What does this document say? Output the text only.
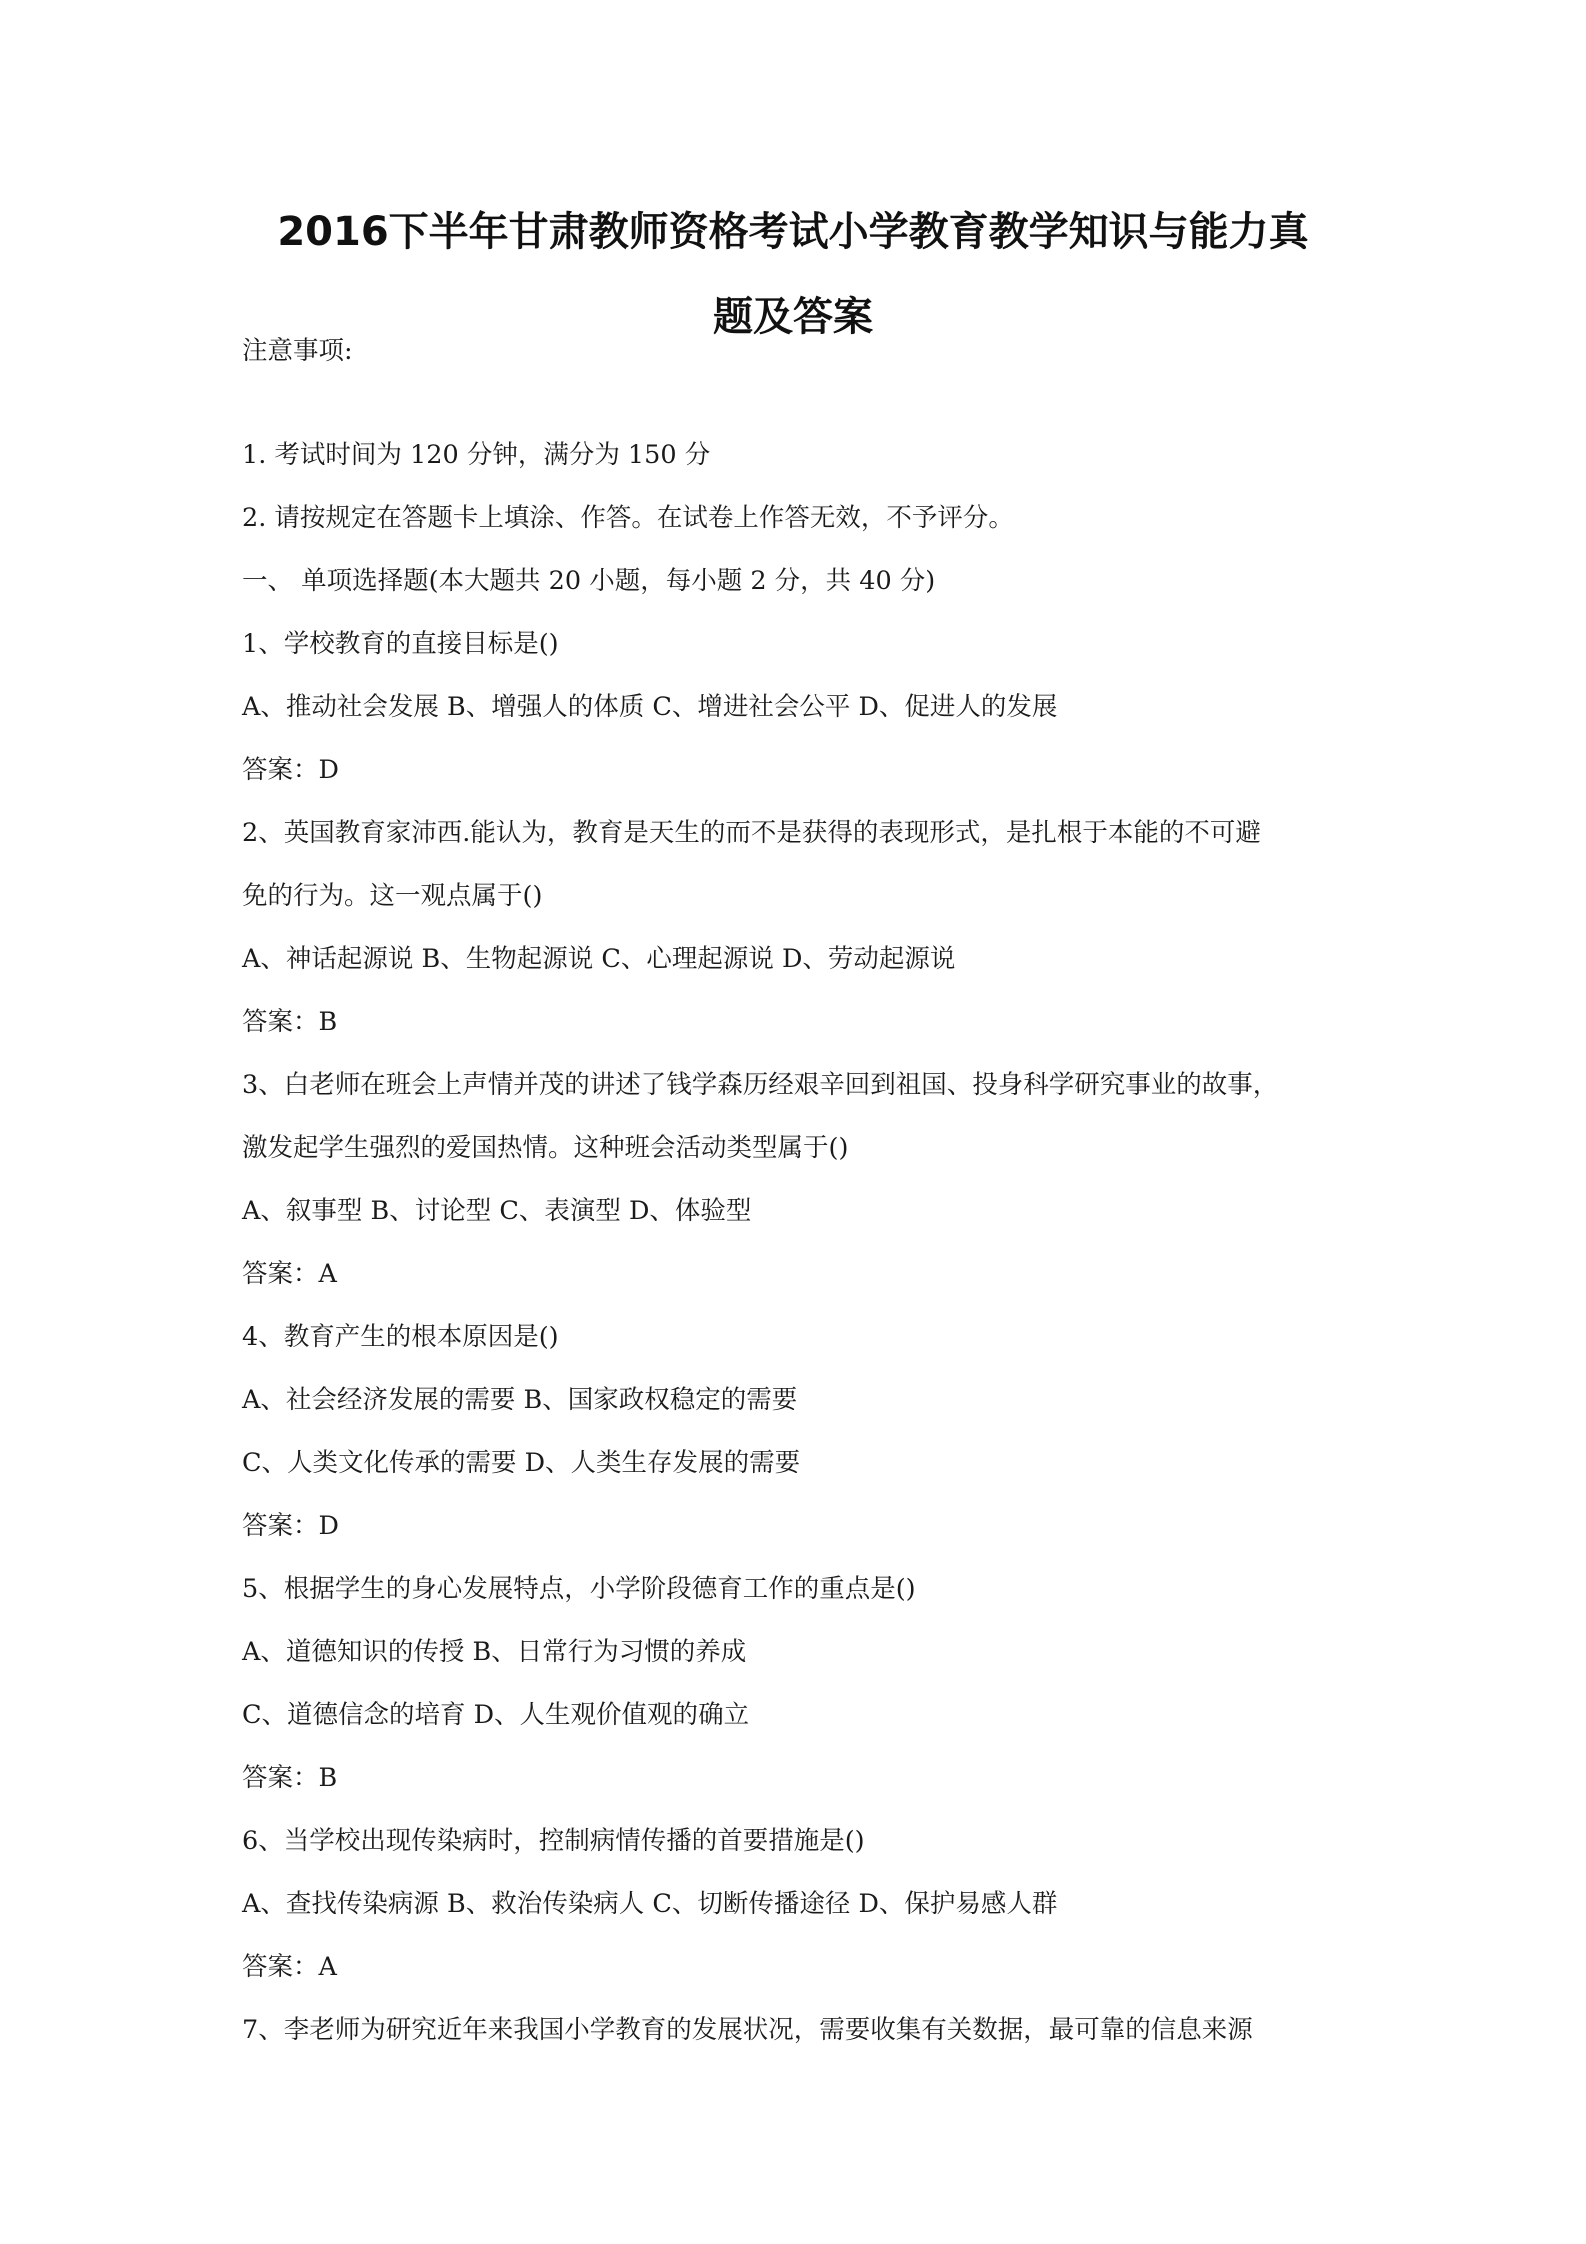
2016下半年甘肃教师资格考试小学教育教学知识与能力真
题及答案
注意事项:
1. 考试时间为 120 分钟，满分为 150 分
2. 请按规定在答题卡上填涂、作答。在试卷上作答无效，不予评分。
一、 单项选择题(本大题共 20 小题，每小题 2 分，共 40 分)
1、学校教育的直接目标是()
A、推动社会发展 B、增强人的体质 C、增进社会公平 D、促进人的发展
答案：D
2、英国教育家沛西.能认为，教育是天生的而不是获得的表现形式，是扎根于本能的不可避
免的行为。这一观点属于()
A、神话起源说 B、生物起源说 C、心理起源说 D、劳动起源说
答案：B
3、白老师在班会上声情并茂的讲述了钱学森历经艰辛回到祖国、投身科学研究事业的故事，
激发起学生强烈的爱国热情。这种班会活动类型属于()
A、叙事型 B、讨论型 C、表演型 D、体验型
答案：A
4、教育产生的根本原因是()
A、社会经济发展的需要 B、国家政权稳定的需要
C、人类文化传承的需要 D、人类生存发展的需要
答案：D
5、根据学生的身心发展特点，小学阶段德育工作的重点是()
A、道德知识的传授 B、日常行为习惯的养成
C、道德信念的培育 D、人生观价值观的确立
答案：B
6、当学校出现传染病时，控制病情传播的首要措施是()
A、查找传染病源 B、救治传染病人 C、切断传播途径 D、保护易感人群
答案：A
7、李老师为研究近年来我国小学教育的发展状况，需要收集有关数据，最可靠的信息来源
